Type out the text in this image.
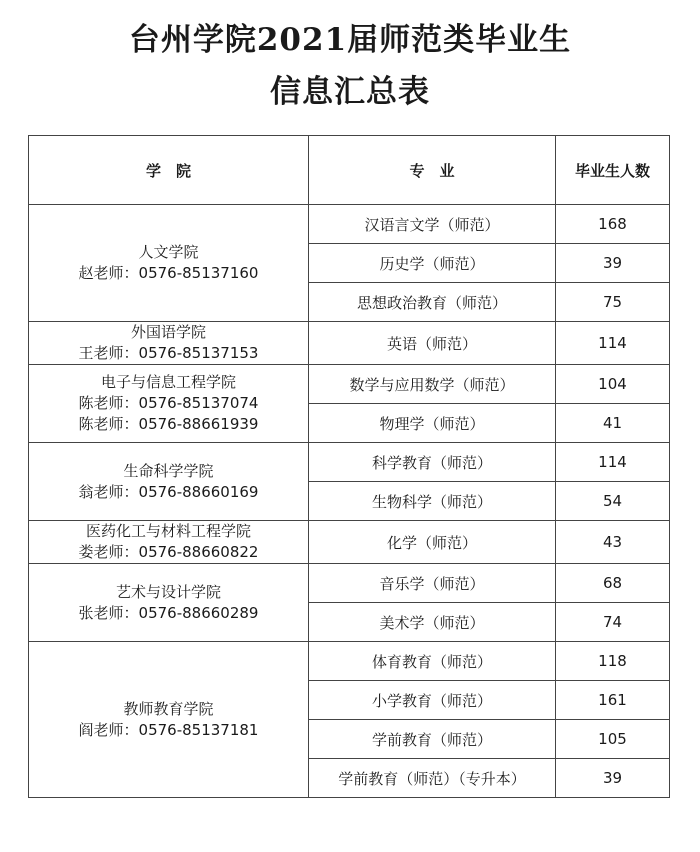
台州学院2021届师范类毕业生
信息汇总表
学　院	专　业	毕业生人数

人文学院
赵老师：0576-85137160	汉语言文学（师范）	168
	历史学（师范）	39
	思想政治教育（师范）	75

外国语学院
王老师：0576-85137153	英语（师范）	114

电子与信息工程学院
陈老师：0576-85137074
陈老师：0576-88661939	数学与应用数学（师范）	104
	物理学（师范）	41

生命科学学院
翁老师：0576-88660169	科学教育（师范）	114
	生物科学（师范）	54

医药化工与材料工程学院
娄老师：0576-88660822	化学（师范）	43

艺术与设计学院
张老师：0576-88660289	音乐学（师范）	68
	美术学（师范）	74

教师教育学院
阎老师：0576-85137181	体育教育（师范）	118
	小学教育（师范）	161
	学前教育（师范）	105
	学前教育（师范）（专升本）	39
